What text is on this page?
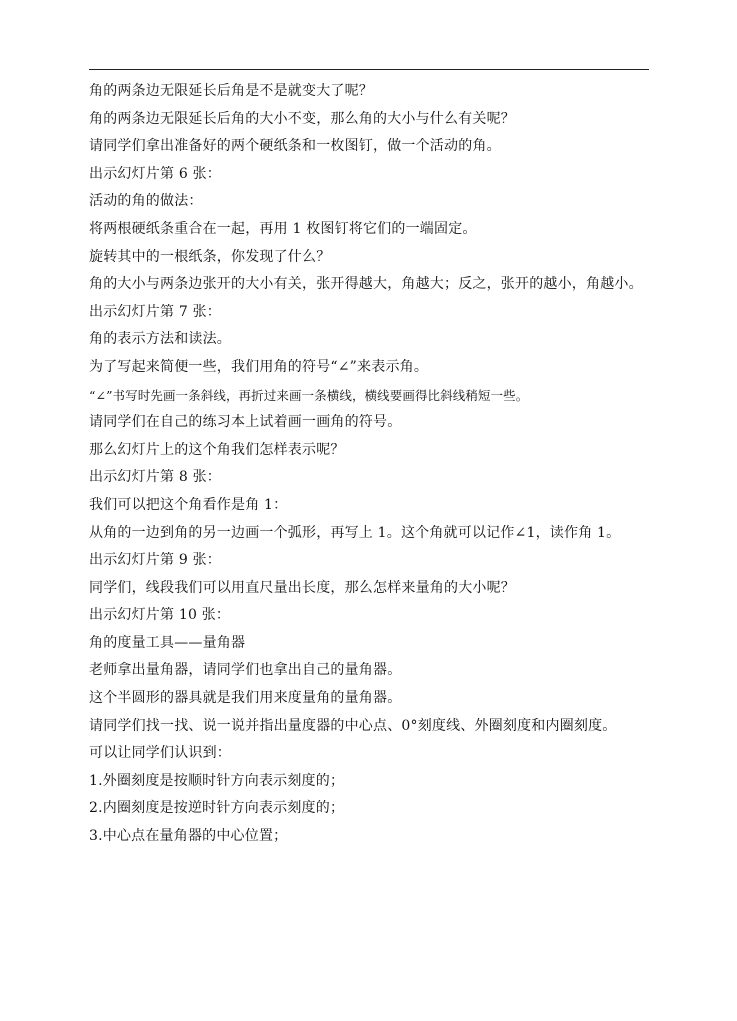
角的两条边无限延长后角是不是就变大了呢？
角的两条边无限延长后角的大小不变，那么角的大小与什么有关呢？
请同学们拿出准备好的两个硬纸条和一枚图钉，做一个活动的角。
出示幻灯片第 6 张：
活动的角的做法：
将两根硬纸条重合在一起，再用 1 枚图钉将它们的一端固定。
旋转其中的一根纸条，你发现了什么？
角的大小与两条边张开的大小有关，张开得越大，角越大；反之，张开的越小，角越小。
出示幻灯片第 7 张：
角的表示方法和读法。
为了写起来简便一些，我们用角的符号“∠”来表示角。
“∠”书写时先画一条斜线，再折过来画一条横线，横线要画得比斜线稍短一些。
请同学们在自己的练习本上试着画一画角的符号。
那么幻灯片上的这个角我们怎样表示呢？
出示幻灯片第 8 张：
我们可以把这个角看作是角 1：
从角的一边到角的另一边画一个弧形，再写上 1。这个角就可以记作∠1，读作角 1。
出示幻灯片第 9 张：
同学们，线段我们可以用直尺量出长度，那么怎样来量角的大小呢？
出示幻灯片第 10 张：
角的度量工具——量角器
老师拿出量角器，请同学们也拿出自己的量角器。
这个半圆形的器具就是我们用来度量角的量角器。
请同学们找一找、说一说并指出量度器的中心点、0°刻度线、外圈刻度和内圈刻度。
可以让同学们认识到：
1.外圈刻度是按顺时针方向表示刻度的；
2.内圈刻度是按逆时针方向表示刻度的；
3.中心点在量角器的中心位置；
